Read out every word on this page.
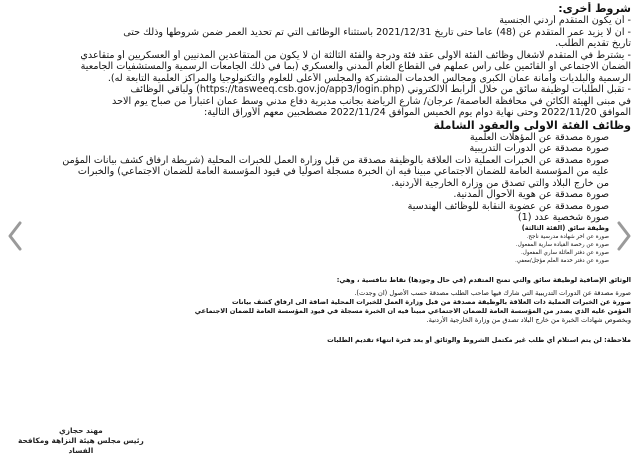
شروط أخرى:
- أن يكون المتقدم أردني الجنسية
- ان لا يزيد عمر المتقدم عن (48) عاماً حتى تاريخ 2021/12/31 باستثناء الوظائف التي تم تحديد العمر ضمن شروطها وذلك حتى
تاريخ تقديم الطلب.
- يشترط في المتقدم لاشغال وظائف الفئة الاولى عقد فئة ودرجة والفئة الثالثة ان لا يكون من المتقاعدين المدنيين أو العسكريين أو متقاعدي
الضمان الاجتماعي أو القائمين على رأس عملهم في القطاع العام المدني والعسكري (بما في ذلك الجامعات الرسمية والمستشفيات الجامعية
الرسمية والبلديات وأمانة عمان الكبرى ومجالس الخدمات المشتركة والمجلس الأعلى للعلوم والتكنولوجيا والمراكز العلمية التابعة له).
- تقبل الطلبات لوظيفة سائق من خلال الرابط الالكتروني (https://tasweeq.csb.gov.jo/app3/login.php) ولباقي الوظائف
في مبنى الهيئة الكائن في محافظة العاصمة/ عرجان/ شارع الرياضة بجانب مديرية دفاع مدني وسط عمان اعتباراً من صباح يوم الاحد
الموافق 2022/11/20 وحتى نهاية دوام يوم الخميس الموافق 2022/11/24 مصطحبين معهم الأوراق التالية:
وظائف الفئة الاولى والعقود الشاملة
صورة مصدقة عن المؤهلات العلمية
صورة مصدقة عن الدورات التدريبية
صورة مصدقة عن الخبرات العملية ذات العلاقة بالوظيفة مصدقة من قبل وزارة العمل للخبرات المحلية (شريطة ارفاق كشف بيانات المؤمن
عليه من المؤسسة العامة للضمان الاجتماعي مبيناً فيه ان الخبرة مسجلة اصولياً في قيود المؤسسة العامة للضمان الاجتماعي) والخبرات
من خارج البلاد والتي تصدق من وزارة الخارجية الأردنية.
صورة مصدقة عن هوية الأحوال المدنية.
صورة مصدقة عن عضوية النقابة للوظائف الهندسية
صورة شخصية عدد (1)
وظيفة سائق (الفئة الثالثة)
صورة عن اخر شهادة مدرسية ناجح.
صورة عن رخصة القيادة سارية المفعول.
صورة عن دفتر العائلة ساري المفعول.
صورة عن دفتر خدمة العلم مؤجل/معفي.
الوثائق الإضافية لوظيفة سائق والتي تمنح المتقدم (في حال وجودها) نقاط تنافسية ، وهي:
صورة مصدقة عن الدورات التدريبية التي شارك فيها صاحب الطلب مصدقة حسب الأصول (ان وجدت).
صورة عن الخبرات العملية ذات العلاقة بالوظيفة مصدقة من قبل وزارة العمل للخبرات المحلية اضافة الى ارفاق كشف بيانات
المؤمن عليه الذي يصدر من المؤسسة العامة للضمان الاجتماعي مبيناً فيه ان الخبرة مسجلة في قيود المؤسسة العامة للضمان الاجتماعي
وبخصوص شهادات الخبرة من خارج البلاد تصدق من وزارة الخارجية الأردنية.
ملاحظة: لن يتم استلام أي طلب غير مكتمل الشروط والوثائق أو بعد فترة انتهاء تقديم الطلبات
مهند حجازي
رئيس مجلس هيئة النزاهة ومكافحة
الفساد
